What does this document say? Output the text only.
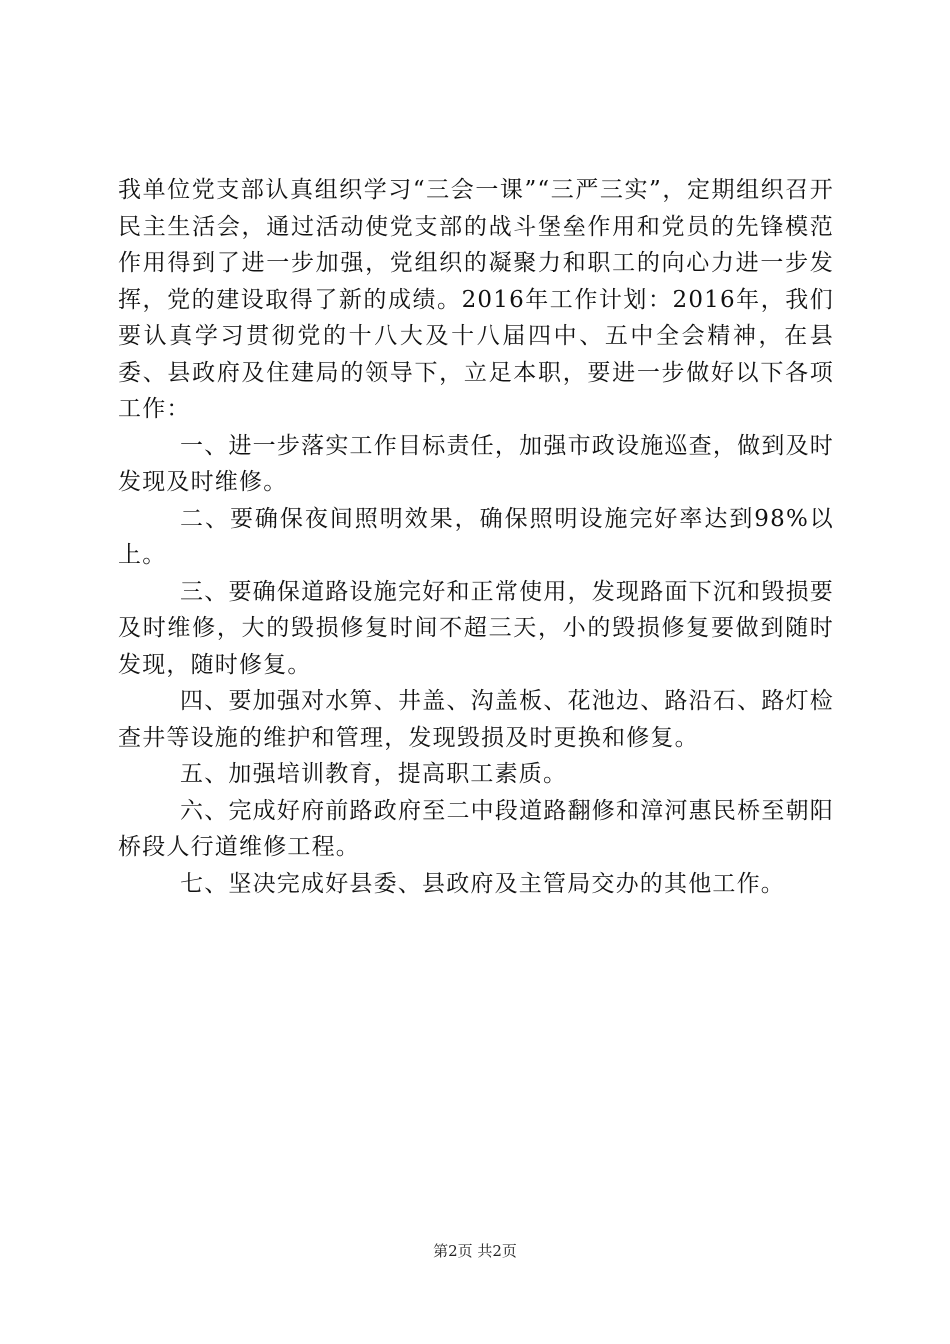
我单位党支部认真组织学习“三会一课”“三严三实”，定期组织召开民主生活会，通过活动使党支部的战斗堡垒作用和党员的先锋模范作用得到了进一步加强，党组织的凝聚力和职工的向心力进一步发挥，党的建设取得了新的成绩。2016年工作计划：2016年，我们要认真学习贯彻党的十八大及十八届四中、五中全会精神，在县委、县政府及住建局的领导下，立足本职，要进一步做好以下各项工作：

一、进一步落实工作目标责任，加强市政设施巡查，做到及时发现及时维修。

二、要确保夜间照明效果，确保照明设施完好率达到98%以上。

三、要确保道路设施完好和正常使用，发现路面下沉和毁损要及时维修，大的毁损修复时间不超三天，小的毁损修复要做到随时发现，随时修复。

四、要加强对水箅、井盖、沟盖板、花池边、路沿石、路灯检查井等设施的维护和管理，发现毁损及时更换和修复。

五、加强培训教育，提高职工素质。

六、完成好府前路政府至二中段道路翻修和漳河惠民桥至朝阳桥段人行道维修工程。

七、坚决完成好县委、县政府及主管局交办的其他工作。

第2页 共2页
